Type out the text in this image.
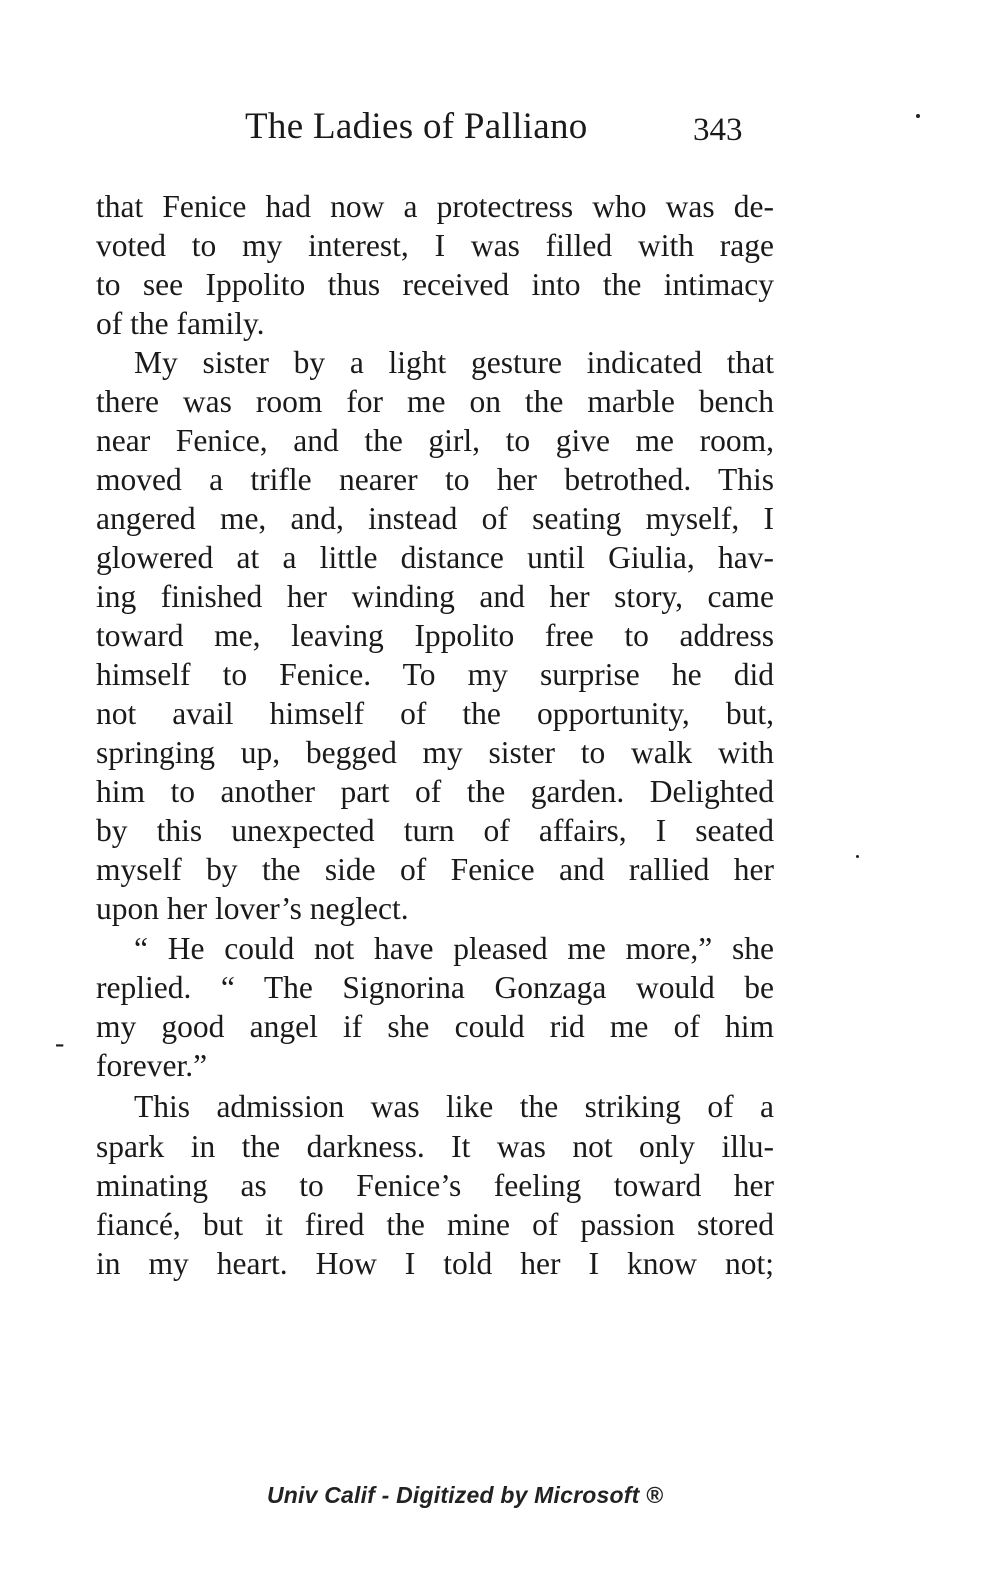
The Ladies of Palliano	343
that Fenice had now a protectress who was de-
voted to my interest, I was filled with rage
to see Ippolito thus received into the intimacy
of the family.
My sister by a light gesture indicated that
there was room for me on the marble bench
near Fenice, and the girl, to give me room,
moved a trifle nearer to her betrothed. This
angered me, and, instead of seating myself, I
glowered at a little distance until Giulia, hav-
ing finished her winding and her story, came
toward me, leaving Ippolito free to address
himself to Fenice. To my surprise he did
not avail himself of the opportunity, but,
springing up, begged my sister to walk with
him to another part of the garden. Delighted
by this unexpected turn of affairs, I seated
myself by the side of Fenice and rallied her
upon her lover’s neglect.
“ He could not have pleased me more,” she
replied. “ The Signorina Gonzaga would be
my good angel if she could rid me of him
forever.”
This admission was like the striking of a
spark in the darkness. It was not only illu-
minating as to Fenice’s feeling toward her
fiancé, but it fired the mine of passion stored
in my heart. How I told her I know not;
-
Univ Calif - Digitized by Microsoft ®
